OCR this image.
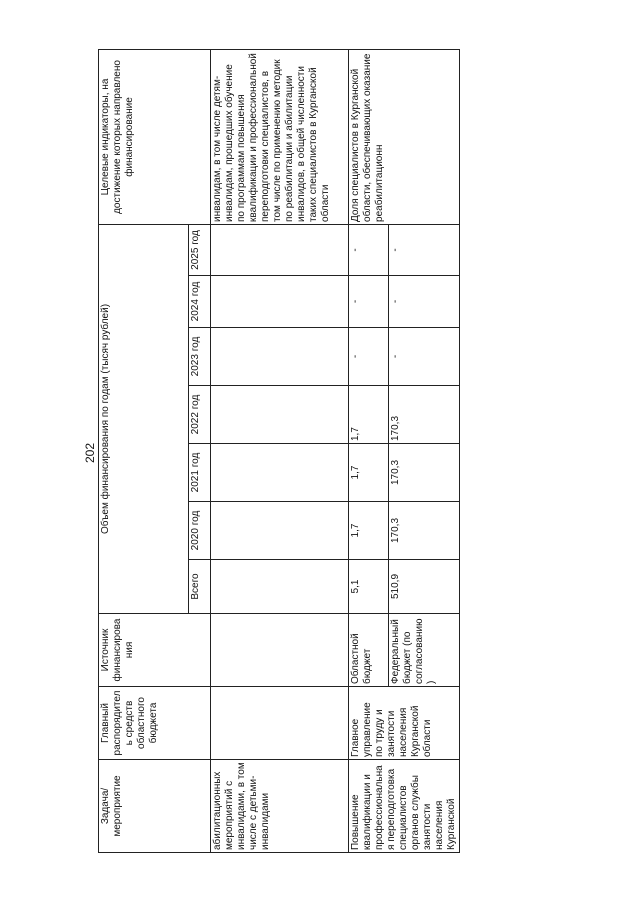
202
Задача/мероприятие	Главный распорядитель средств областного бюджета	Источник финансирования	Объем финансирования по годам (тысяч рублей)							Целевые индикаторы, на достижение которых направлено финансирование
			Всего	2020 год	2021 год	2022 год	2023 год	2024 год	2025 год	
абилитационных мероприятий с инвалидами, в том числе с детьми-инвалидами										инвалидам, в том числе детям-инвалидам, прошедших обучение по программам повышения квалификации и профессиональной переподготовки специалистов, в том числе по применению методик по реабилитации и абилитации инвалидов, в общей численности таких специалистов в Курганской области
Повышение квалификации и профессиональная переподготовка специалистов органов службы занятости населения Курганской	Главное управление по труду и занятости населения Курганской области	Областной бюджет	5,1	1,7	1,7	1,7	-	-	-	Доля специалистов в Курганской области, обеспечивающих оказание реабилитационн
		Федеральный бюджет (по согласованию)	510,9	170,3	170,3	170,3	-	-	-	
